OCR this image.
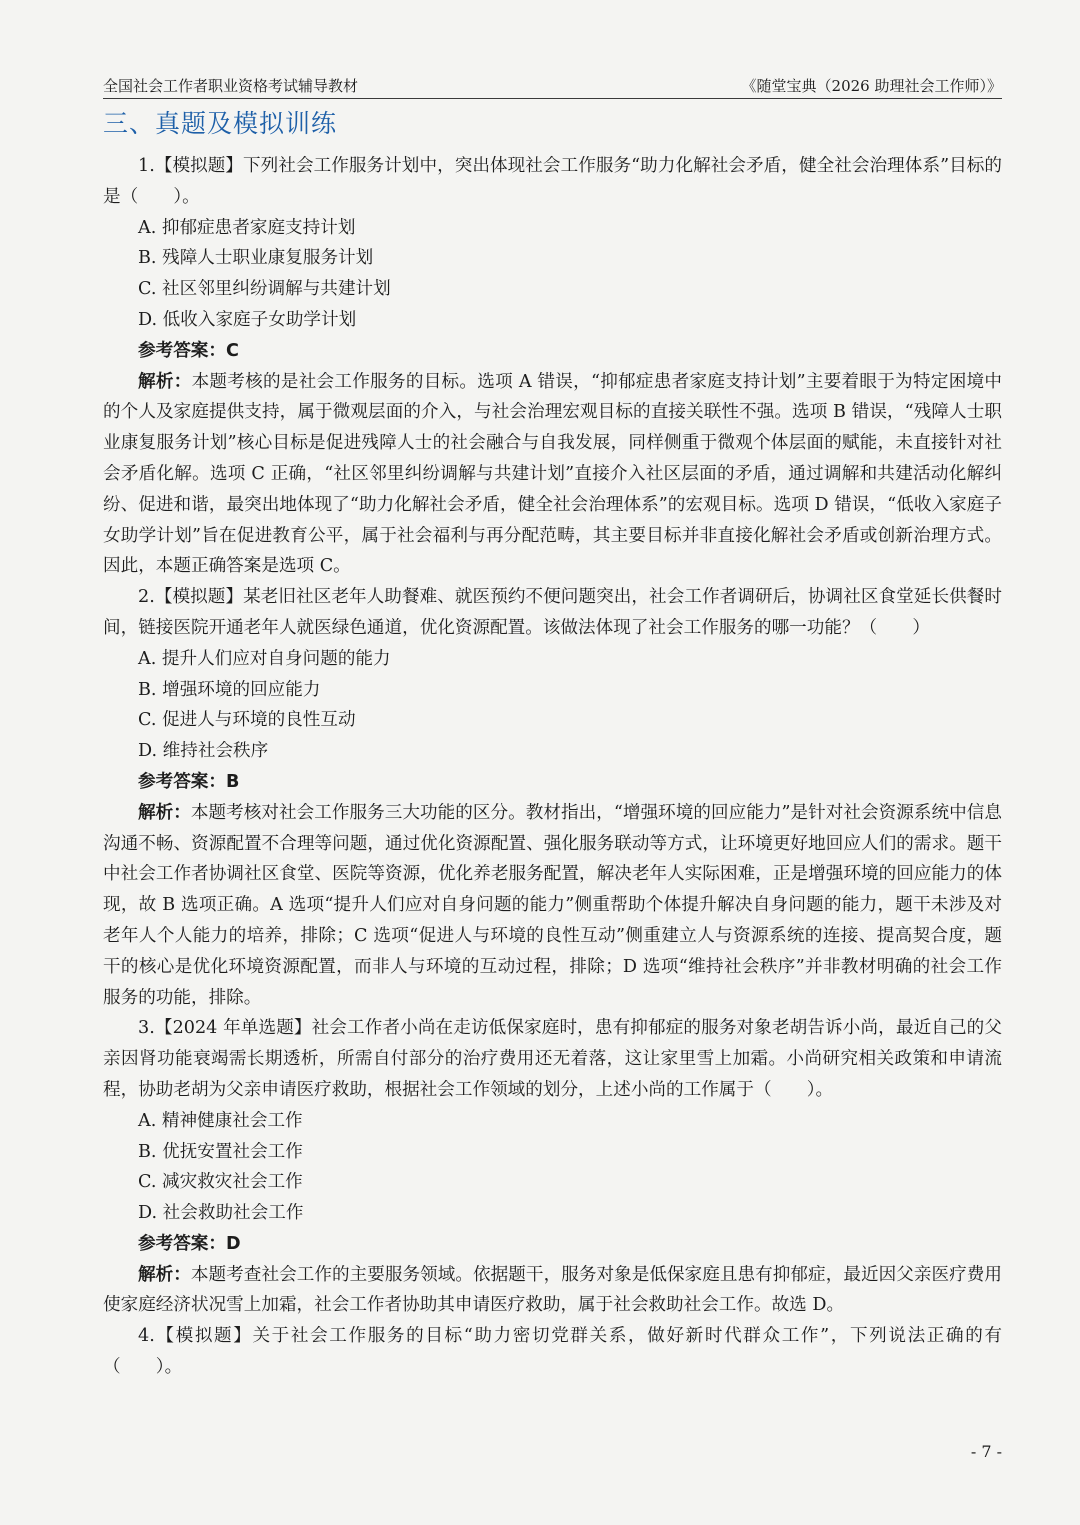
全国社会工作者职业资格考试辅导教材	《随堂宝典（2026 助理社会工作师）》
三、真题及模拟训练

1.【模拟题】下列社会工作服务计划中，突出体现社会工作服务“助力化解社会矛盾，健全社会治理体系”目标的是（　　）。

A. 抑郁症患者家庭支持计划

B. 残障人士职业康复服务计划

C. 社区邻里纠纷调解与共建计划

D. 低收入家庭子女助学计划

参考答案：C

解析：本题考核的是社会工作服务的目标。选项 A 错误，“抑郁症患者家庭支持计划”主要着眼于为特定困境中的个人及家庭提供支持，属于微观层面的介入，与社会治理宏观目标的直接关联性不强。选项 B 错误，“残障人士职业康复服务计划”核心目标是促进残障人士的社会融合与自我发展，同样侧重于微观个体层面的赋能，未直接针对社会矛盾化解。选项 C 正确，“社区邻里纠纷调解与共建计划”直接介入社区层面的矛盾，通过调解和共建活动化解纠纷、促进和谐，最突出地体现了“助力化解社会矛盾，健全社会治理体系”的宏观目标。选项 D 错误，“低收入家庭子女助学计划”旨在促进教育公平，属于社会福利与再分配范畴，其主要目标并非直接化解社会矛盾或创新治理方式。因此，本题正确答案是选项 C。

2.【模拟题】某老旧社区老年人助餐难、就医预约不便问题突出，社会工作者调研后，协调社区食堂延长供餐时间，链接医院开通老年人就医绿色通道，优化资源配置。该做法体现了社会工作服务的哪一功能？（　　）

A. 提升人们应对自身问题的能力

B. 增强环境的回应能力

C. 促进人与环境的良性互动

D. 维持社会秩序

参考答案：B

解析：本题考核对社会工作服务三大功能的区分。教材指出，“增强环境的回应能力”是针对社会资源系统中信息沟通不畅、资源配置不合理等问题，通过优化资源配置、强化服务联动等方式，让环境更好地回应人们的需求。题干中社会工作者协调社区食堂、医院等资源，优化养老服务配置，解决老年人实际困难，正是增强环境的回应能力的体现，故 B 选项正确。A 选项“提升人们应对自身问题的能力”侧重帮助个体提升解决自身问题的能力，题干未涉及对老年人个人能力的培养，排除；C 选项“促进人与环境的良性互动”侧重建立人与资源系统的连接、提高契合度，题干的核心是优化环境资源配置，而非人与环境的互动过程，排除；D 选项“维持社会秩序”并非教材明确的社会工作服务的功能，排除。

3.【2024 年单选题】社会工作者小尚在走访低保家庭时，患有抑郁症的服务对象老胡告诉小尚，最近自己的父亲因肾功能衰竭需长期透析，所需自付部分的治疗费用还无着落，这让家里雪上加霜。小尚研究相关政策和申请流程，协助老胡为父亲申请医疗救助，根据社会工作领域的划分，上述小尚的工作属于（　　）。

A. 精神健康社会工作

B. 优抚安置社会工作

C. 减灾救灾社会工作

D. 社会救助社会工作

参考答案：D

解析：本题考查社会工作的主要服务领域。依据题干，服务对象是低保家庭且患有抑郁症，最近因父亲医疗费用使家庭经济状况雪上加霜，社会工作者协助其申请医疗救助，属于社会救助社会工作。故选 D。

4.【模拟题】关于社会工作服务的目标“助力密切党群关系，做好新时代群众工作”，下列说法正确的有（　　）。

- 7 -
